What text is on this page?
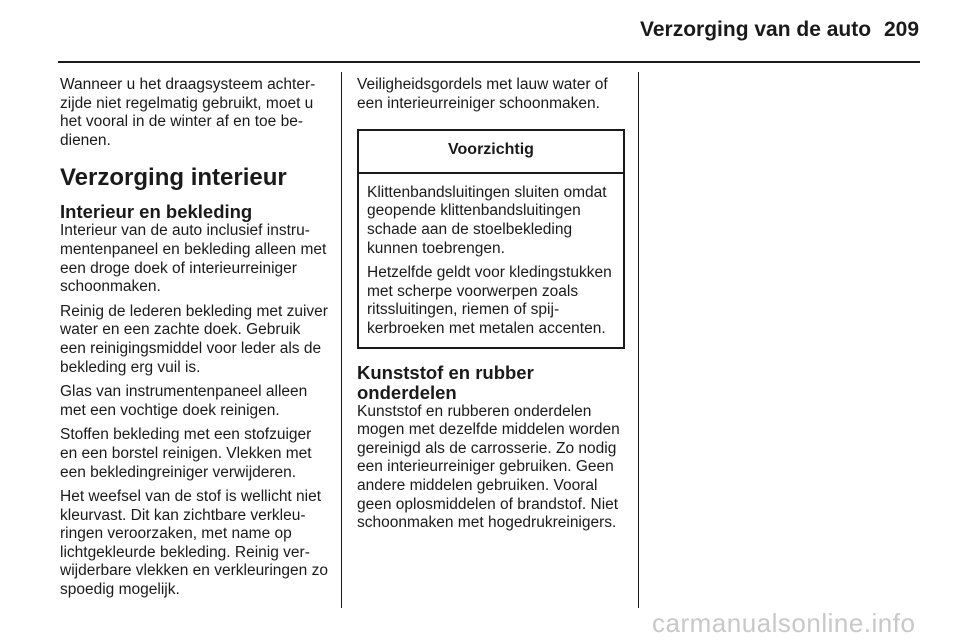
Verzorging van de auto 209

Wanneer u het draagsysteem achterzijde niet regelmatig gebruikt, moet u het vooral in de winter af en toe bedienen.

Verzorging interieur
Interieur en bekleding

Interieur van de auto inclusief instrumentenpaneel en bekleding alleen met een droge doek of interieurreiniger schoonmaken.

Reinig de lederen bekleding met zuiver water en een zachte doek. Gebruik een reinigingsmiddel voor leder als de bekleding erg vuil is.

Glas van instrumentenpaneel alleen met een vochtige doek reinigen.

Stoffen bekleding met een stofzuiger en een borstel reinigen. Vlekken met een bekledingreiniger verwijderen.

Het weefsel van de stof is wellicht niet kleurvast. Dit kan zichtbare verkleuringen veroorzaken, met name op lichtgekleurde bekleding. Reinig verwijderbare vlekken en verkleuringen zo spoedig mogelijk.

Veiligheidsgordels met lauw water of een interieurreiniger schoonmaken.

Voorzichtig

Klittenbandsluitingen sluiten omdat geopende klittenbandsluitingen schade aan de stoelbekleding kunnen toebrengen.

Hetzelfde geldt voor kledingstukken met scherpe voorwerpen zoals ritssluitingen, riemen of spijkerbroeken met metalen accenten.

Kunststof en rubber onderdelen

Kunststof en rubberen onderdelen mogen met dezelfde middelen worden gereinigd als de carrosserie. Zo nodig een interieurreiniger gebruiken. Geen andere middelen gebruiken. Vooral geen oplosmiddelen of brandstof. Niet schoonmaken met hogedrukreinigers.

carmanualsonline.info
